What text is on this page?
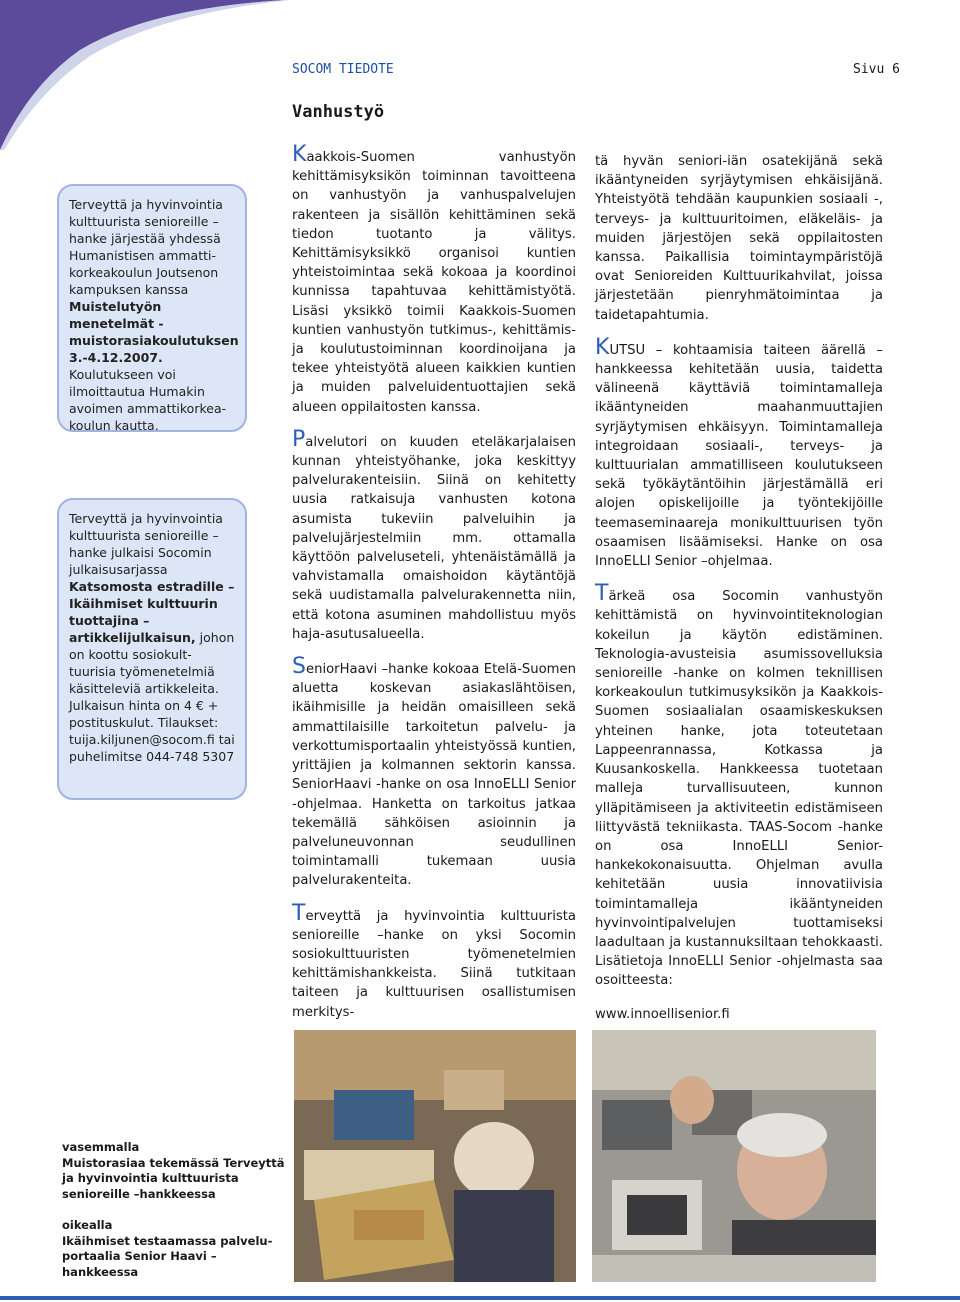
SOCOM TIEDOTE	Sivu 6
Vanhustyö

Terveyttä ja hyvinvointia kulttuurista senioreille – hanke järjestää yhdessä Humanistisen ammatti-korkeakoulun Joutsenon kampuksen kanssa Muistelutyön menetelmät -muistorasiakoulutuksen 3.-4.12.2007. Koulutukseen voi ilmoittautua Humakin avoimen ammattikorkea-koulun kautta.

Terveyttä ja hyvinvointia kulttuurista senioreille – hanke julkaisi Socomin julkaisusarjassa Katsomosta estradille – Ikäihmiset kulttuurin tuottajina – artikkelijulkaisun, johon on koottu sosiokult-tuurisia työmenetelmiä käsitteleviä artikkeleita. Julkaisun hinta on 4 € + postituskulut. Tilaukset: tuija.kiljunen@socom.fi tai puhelimitse 044-748 5307

Kaakkois-Suomen vanhustyön kehittämisyksikön toiminnan tavoitteena on vanhustyön ja vanhuspalvelujen rakenteen ja sisällön kehittäminen sekä tiedon tuotanto ja välitys. Kehittämisyksikkö organisoi kuntien yhteistoimintaa sekä kokoaa ja koordinoi kunnissa tapahtuvaa kehittämistyötä. Lisäsi yksikkö toimii Kaakkois-Suomen kuntien vanhustyön tutkimus-, kehittämis- ja koulutustoiminnan koordinoijana ja tekee yhteistyötä alueen kaikkien kuntien ja muiden palveluidentuottajien sekä alueen oppilaitosten kanssa.

Palvelutori on kuuden eteläkarjalaisen kunnan yhteistyöhanke, joka keskittyy palvelurakenteisiin. Siinä on kehitetty uusia ratkaisuja vanhusten kotona asumista tukeviin palveluihin ja palvelujärjestelmiin mm. ottamalla käyttöön palveluseteli, yhtenäistämällä ja vahvistamalla omaishoidon käytäntöjä sekä uudistamalla palvelurakennetta niin, että kotona asuminen mahdollistuu myös haja-asutusalueella.

SeniorHaavi –hanke kokoaa Etelä-Suomen aluetta koskevan asiakaslähtöisen, ikäihmisille ja heidän omaisilleen sekä ammattilaisille tarkoitetun palvelu- ja verkottumisportaalin yhteistyössä kuntien, yrittäjien ja kolmannen sektorin kanssa. SeniorHaavi -hanke on osa InnoELLI Senior -ohjelmaa. Hanketta on tarkoitus jatkaa tekemällä sähköisen asioinnin ja palveluneuvonnan seudullinen toimintamalli tukemaan uusia palvelurakenteita.

Terveyttä ja hyvinvointia kulttuurista senioreille –hanke on yksi Socomin sosiokulttuuristen työmenetelmien kehittämishankkeista. Siinä tutkitaan taiteen ja kulttuurisen osallistumisen merkitys-

tä hyvän seniori-iän osatekijänä sekä ikääntyneiden syrjäytymisen ehkäisijänä. Yhteistyötä tehdään kaupunkien sosiaali -, terveys- ja kulttuuritoimen, eläkeläis- ja muiden järjestöjen sekä oppilaitosten kanssa. Paikallisia toimintaympäristöjä ovat Senioreiden Kulttuurikahvilat, joissa järjestetään pienryhmätoimintaa ja taidetapahtumia.

KUTSU – kohtaamisia taiteen äärellä – hankkeessa kehitetään uusia, taidetta välineenä käyttäviä toimintamalleja ikääntyneiden maahanmuuttajien syrjäytymisen ehkäisyyn. Toimintamalleja integroidaan sosiaali-, terveys- ja kulttuurialan ammatilliseen koulutukseen sekä työkäytäntöihin järjestämällä eri alojen opiskelijoille ja työntekijöille teemaseminaareja monikulttuurisen työn osaamisen lisäämiseksi. Hanke on osa InnoELLI Senior –ohjelmaa.

Tärkeä osa Socomin vanhustyön kehittämistä on hyvinvointiteknologian kokeilun ja käytön edistäminen. Teknologia-avusteisia asumissovelluksia senioreille -hanke on kolmen teknillisen korkeakoulun tutkimusyksikön ja Kaakkois-Suomen sosiaalialan osaamiskeskuksen yhteinen hanke, jota toteutetaan Lappeenrannassa, Kotkassa ja Kuusankoskella. Hankkeessa tuotetaan malleja turvallisuuteen, kunnon ylläpitämiseen ja aktiviteetin edistämiseen liittyvästä tekniikasta. TAAS-Socom -hanke on osa InnoELLI Senior- hankekokonaisuutta. Ohjelman avulla kehitetään uusia innovatiivisia toimintamalleja ikääntyneiden hyvinvointipalvelujen tuottamiseksi laadultaan ja kustannuksiltaan tehokkaasti. Lisätietoja InnoELLI Senior -ohjelmasta saa osoitteesta:

www.innoellisenior.fi

vasemmalla
Muistorasiaa tekemässä Terveyttä ja hyvinvointia kulttuurista senioreille –hankkeessa
oikealla
Ikäihmiset testaamassa palvelu-portaalia Senior Haavi –hankkeessa
